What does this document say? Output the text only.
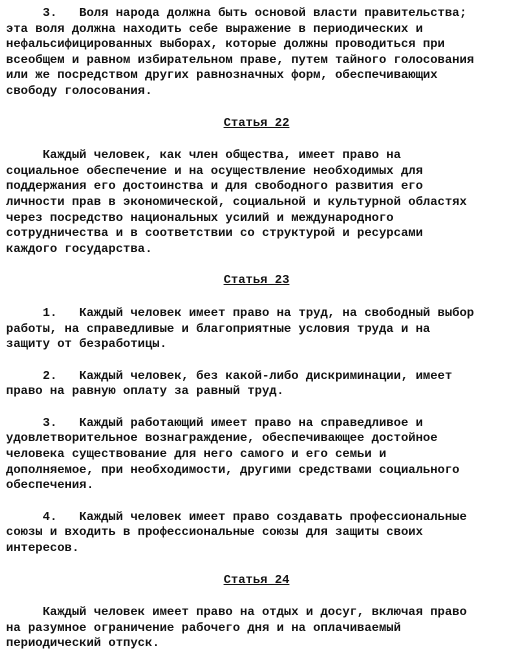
3.   Воля народа должна быть основой власти правительства;
эта воля должна находить себе выражение в периодических и
нефальсифицированных выборах, которые должны проводиться при
всеобщем и равном избирательном праве, путем тайного голосования
или же посредством других равнозначных форм, обеспечивающих
свободу голосования.
Статья 22
Каждый человек, как член общества, имеет право на
социальное обеспечение и на осуществление необходимых для
поддержания его достоинства и для свободного развития его
личности прав в экономической, социальной и культурной областях
через посредство национальных усилий и международного
сотрудничества и в соответствии со структурой и ресурсами
каждого государства.
Статья 23
1.   Каждый человек имеет право на труд, на свободный выбор
работы, на справедливые и благоприятные условия труда и на
защиту от безработицы.
2.   Каждый человек, без какой-либо дискриминации, имеет
право на равную оплату за равный труд.
3.   Каждый работающий имеет право на справедливое и
удовлетворительное вознаграждение, обеспечивающее достойное
человека существование для него самого и его семьи и
дополняемое, при необходимости, другими средствами социального
обеспечения.
4.   Каждый человек имеет право создавать профессиональные
союзы и входить в профессиональные союзы для защиты своих
интересов.
Статья 24
Каждый человек имеет право на отдых и досуг, включая право
на разумное ограничение рабочего дня и на оплачиваемый
периодический отпуск.
